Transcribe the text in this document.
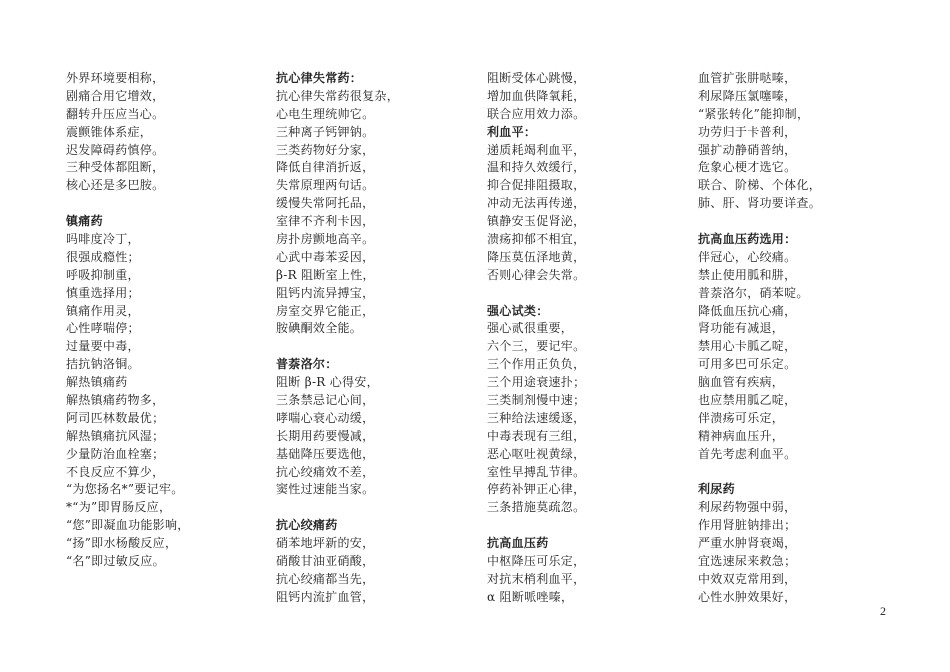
外界环境要相称，
剧痛合用它增效，
翻转升压应当心。
震颤锥体系症，
迟发障碍药慎停。
三种受体都阻断，
核心还是多巴胺。
镇痛药
吗啡度冷丁，
很强成瘾性；
呼吸抑制重，
慎重选择用；
镇痛作用灵，
心性哮喘停；
过量要中毒，
拮抗钠洛铜。
解热镇痛药
解热镇痛药物多，
阿司匹林数最优；
解热镇痛抗风湿；
少量防治血栓塞；
不良反应不算少，
“为您扬名*”要记牢。
*“为”即胃肠反应，
“您”即凝血功能影响，
“扬”即水杨酸反应，
“名”即过敏反应。
抗心律失常药：
抗心律失常药很复杂，
心电生理统帅它。
三种离子钙钾钠。
三类药物好分家，
降低自律消折返，
失常原理两句话。
缓慢失常阿托品，
室律不齐利卡因，
房扑房颤地高辛。
心武中毒苯妥因，
β-R 阻断室上性，
阻钙内流异搏宝，
房室交界它能正，
胺碘酮效全能。
普萘洛尔：
阻断 β-R 心得安，
三条禁忌记心间，
哮喘心衰心动缓，
长期用药要慢减，
基础降压要选他，
抗心绞痛效不差，
窦性过速能当家。
抗心绞痛药
硝苯地坪新的安，
硝酸甘油亚硝酸，
抗心绞痛都当先，
阻钙内流扩血管，
阻断受体心跳慢，
增加血供降氧耗，
联合应用效力添。
利血平：
递质耗竭利血平，
温和持久效缓行，
抑合促排阻摄取，
冲动无法再传递，
镇静安玉促肾泌，
溃疡抑郁不相宜，
降压莫伍泽地黄，
否则心律会失常。
强心试类：
强心贰很重要，
六个三，要记牢。
三个作用正负负，
三个用途衰速扑；
三类制剂慢中速；
三种给法速缓逐，
中毒表现有三组，
恶心呕吐视黄绿，
室性早搏乱节律。
停药补钾正心律，
三条措施莫疏忽。
抗高血压药
中枢降压可乐定，
对抗末梢利血平，
α 阻断哌唑嗪，
血管扩张肼哒嗪，
利尿降压氯噻嗪，
“紧张转化”能抑制，
功劳归于卡普利，
强扩动静硝普纳，
危象心梗才选它。
联合、阶梯、个体化，
肺、肝、肾功要详查。
抗高血压药选用：
伴冠心，心绞痛。
禁止使用胍和肼，
普萘洛尔，硝苯啶。
降低血压抗心痛，
肾功能有减退，
禁用心卡胍乙啶，
可用多巴可乐定。
脑血管有疾病，
也应禁用胍乙啶，
伴溃疡可乐定，
精神病血压升，
首先考虑利血平。
利尿药
利尿药物强中弱，
作用肾脏钠排出；
严重水肿肾衰竭，
宜选速尿来救急；
中效双克常用到，
心性水肿效果好，
2
